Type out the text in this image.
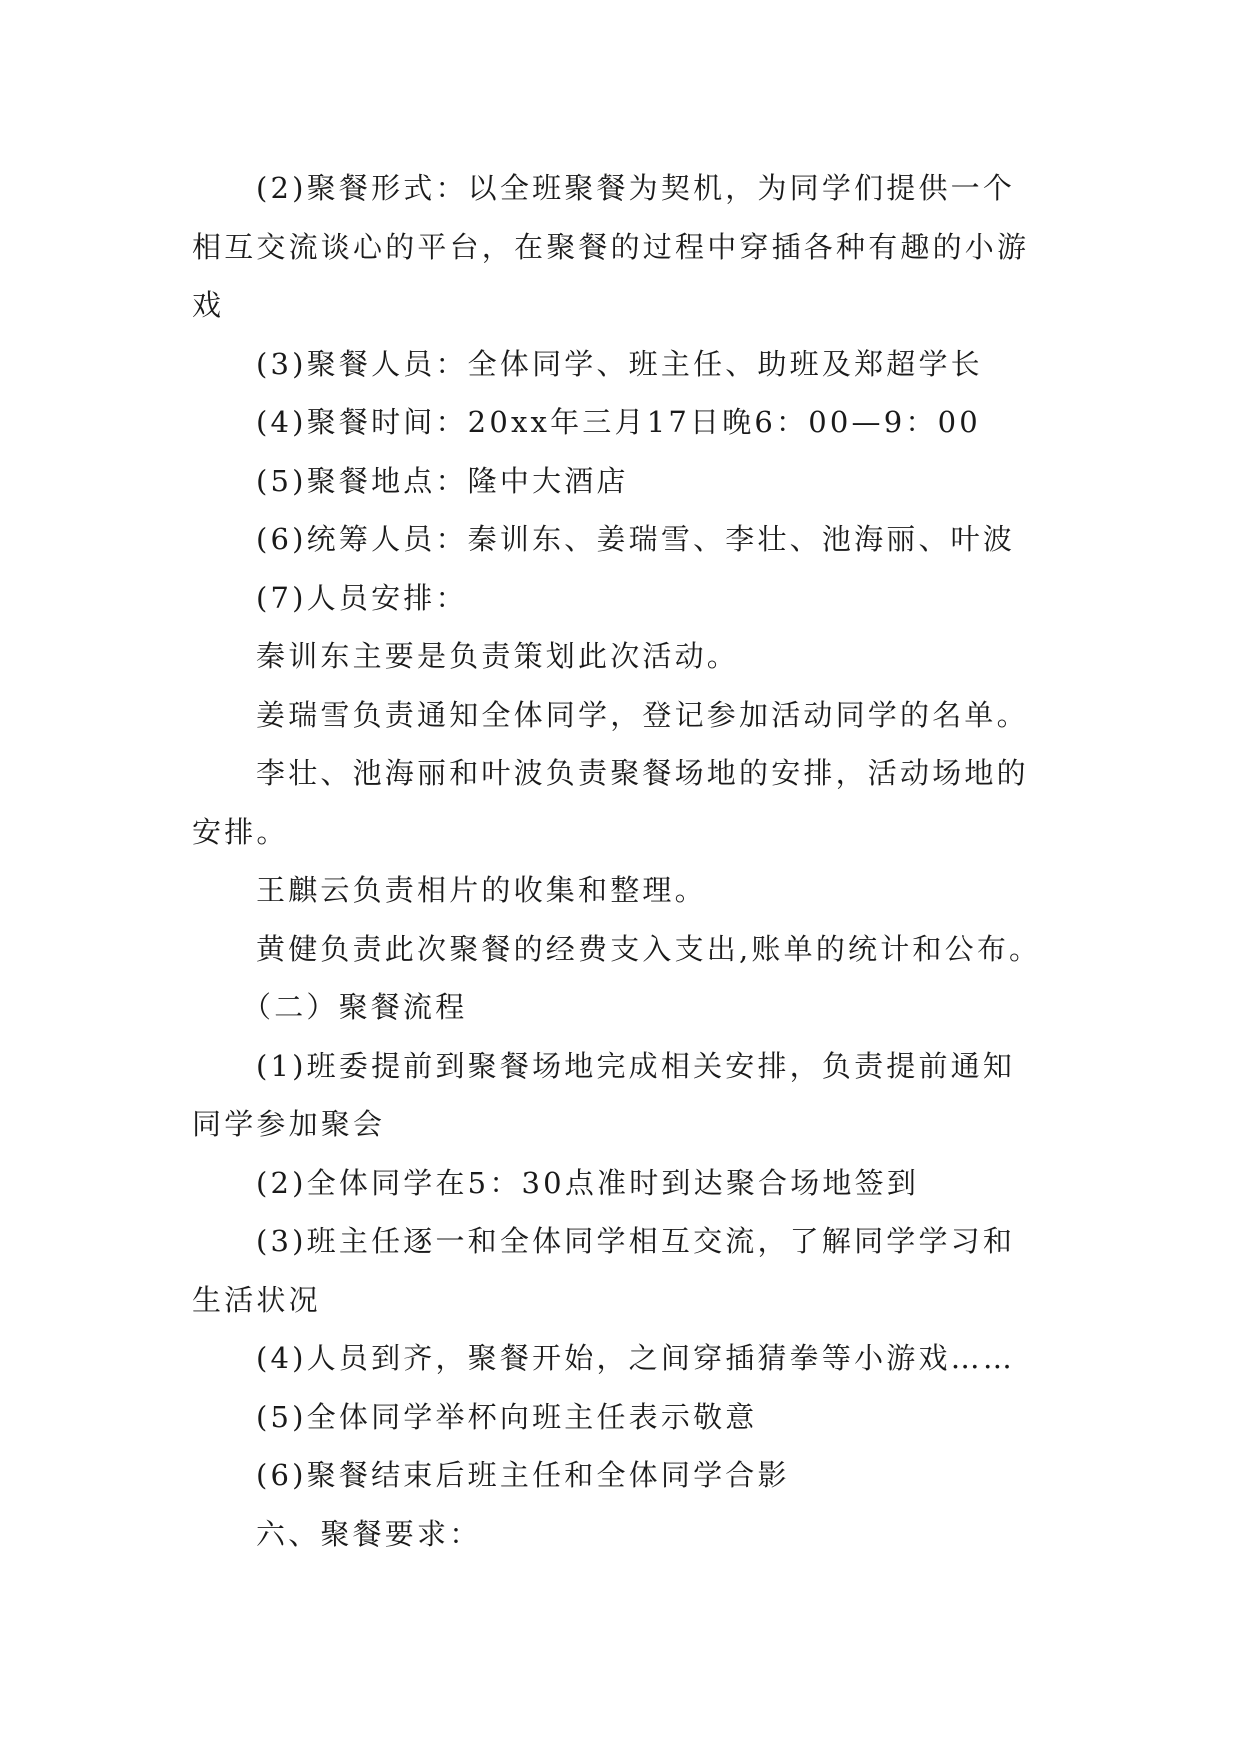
(2)聚餐形式：以全班聚餐为契机，为同学们提供一个
相互交流谈心的平台，在聚餐的过程中穿插各种有趣的小游
戏
(3)聚餐人员：全体同学、班主任、助班及郑超学长
(4)聚餐时间：20xx年三月17日晚6：00—9：00
(5)聚餐地点：隆中大酒店
(6)统筹人员：秦训东、姜瑞雪、李壮、池海丽、叶波
(7)人员安排：
秦训东主要是负责策划此次活动。
姜瑞雪负责通知全体同学，登记参加活动同学的名单。
李壮、池海丽和叶波负责聚餐场地的安排，活动场地的
安排。
王麒云负责相片的收集和整理。
黄健负责此次聚餐的经费支入支出,账单的统计和公布。
（二）聚餐流程
(1)班委提前到聚餐场地完成相关安排，负责提前通知
同学参加聚会
(2)全体同学在5：30点准时到达聚合场地签到
(3)班主任逐一和全体同学相互交流，了解同学学习和
生活状况
(4)人员到齐，聚餐开始，之间穿插猜拳等小游戏……
(5)全体同学举杯向班主任表示敬意
(6)聚餐结束后班主任和全体同学合影
六、聚餐要求：
